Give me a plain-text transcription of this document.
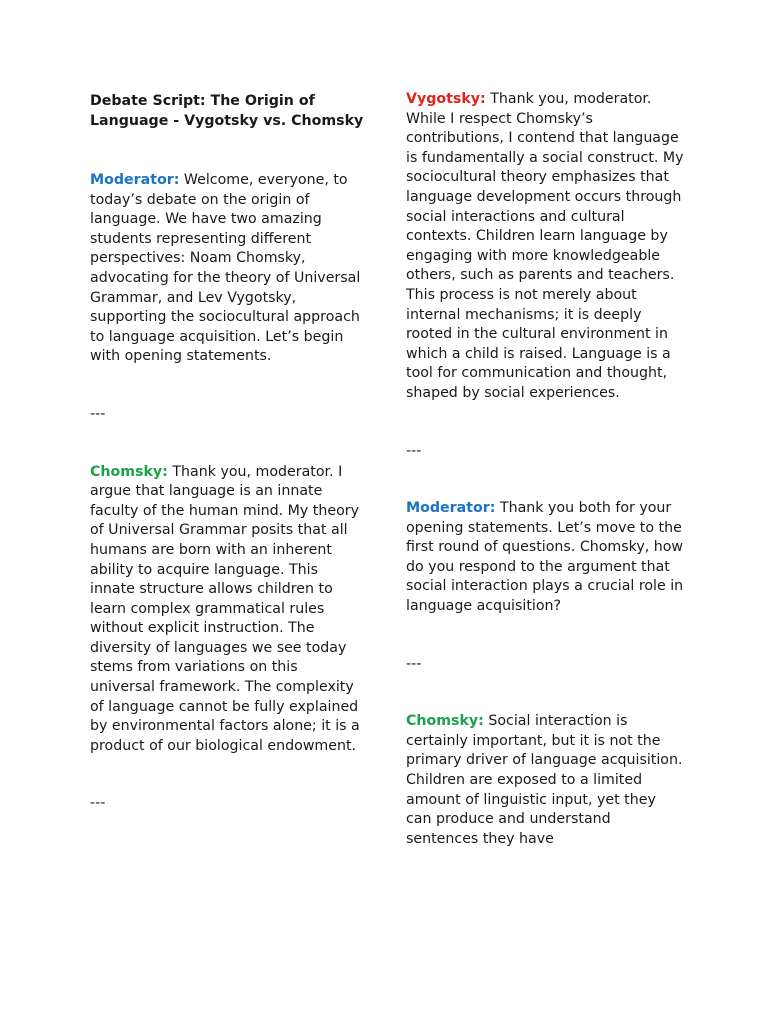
Debate Script: The Origin of Language - Vygotsky vs. Chomsky

Moderator: Welcome, everyone, to today’s debate on the origin of language. We have two amazing students representing different perspectives: Noam Chomsky, advocating for the theory of Universal Grammar, and Lev Vygotsky, supporting the sociocultural approach to language acquisition. Let’s begin with opening statements.

---

Chomsky: Thank you, moderator. I argue that language is an innate faculty of the human mind. My theory of Universal Grammar posits that all humans are born with an inherent ability to acquire language. This innate structure allows children to learn complex grammatical rules without explicit instruction. The diversity of languages we see today stems from variations on this universal framework. The complexity of language cannot be fully explained by environmental factors alone; it is a product of our biological endowment.

---

Vygotsky: Thank you, moderator. While I respect Chomsky’s contributions, I contend that language is fundamentally a social construct. My sociocultural theory emphasizes that language development occurs through social interactions and cultural contexts. Children learn language by engaging with more knowledgeable others, such as parents and teachers. This process is not merely about internal mechanisms; it is deeply rooted in the cultural environment in which a child is raised. Language is a tool for communication and thought, shaped by social experiences.

---

Moderator: Thank you both for your opening statements. Let’s move to the first round of questions. Chomsky, how do you respond to the argument that social interaction plays a crucial role in language acquisition?

---

Chomsky: Social interaction is certainly important, but it is not the primary driver of language acquisition. Children are exposed to a limited amount of linguistic input, yet they can produce and understand sentences they have
